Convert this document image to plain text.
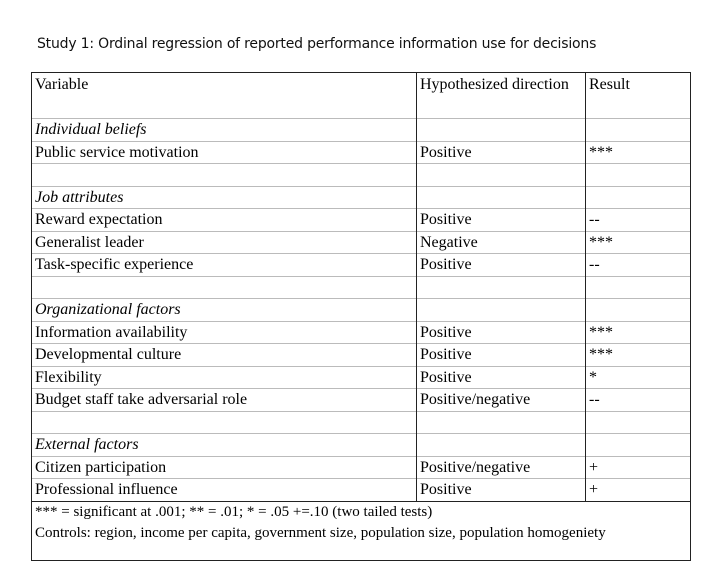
Study 1: Ordinal regression of reported performance information use for decisions
Variable	Hypothesized direction	Result
Individual beliefs		
Public service motivation	Positive	***

Job attributes		
Reward expectation	Positive	--
Generalist leader	Negative	***
Task-specific experience	Positive	--

Organizational factors		
Information availability	Positive	***
Developmental culture	Positive	***
Flexibility	Positive	*
Budget staff take adversarial role	Positive/negative	--

External factors		
Citizen participation	Positive/negative	+
Professional influence	Positive	+

*** = significant at .001; ** = .01; * = .05 +=.10 (two tailed tests)
Controls: region, income per capita, government size, population size, population homogeniety		
